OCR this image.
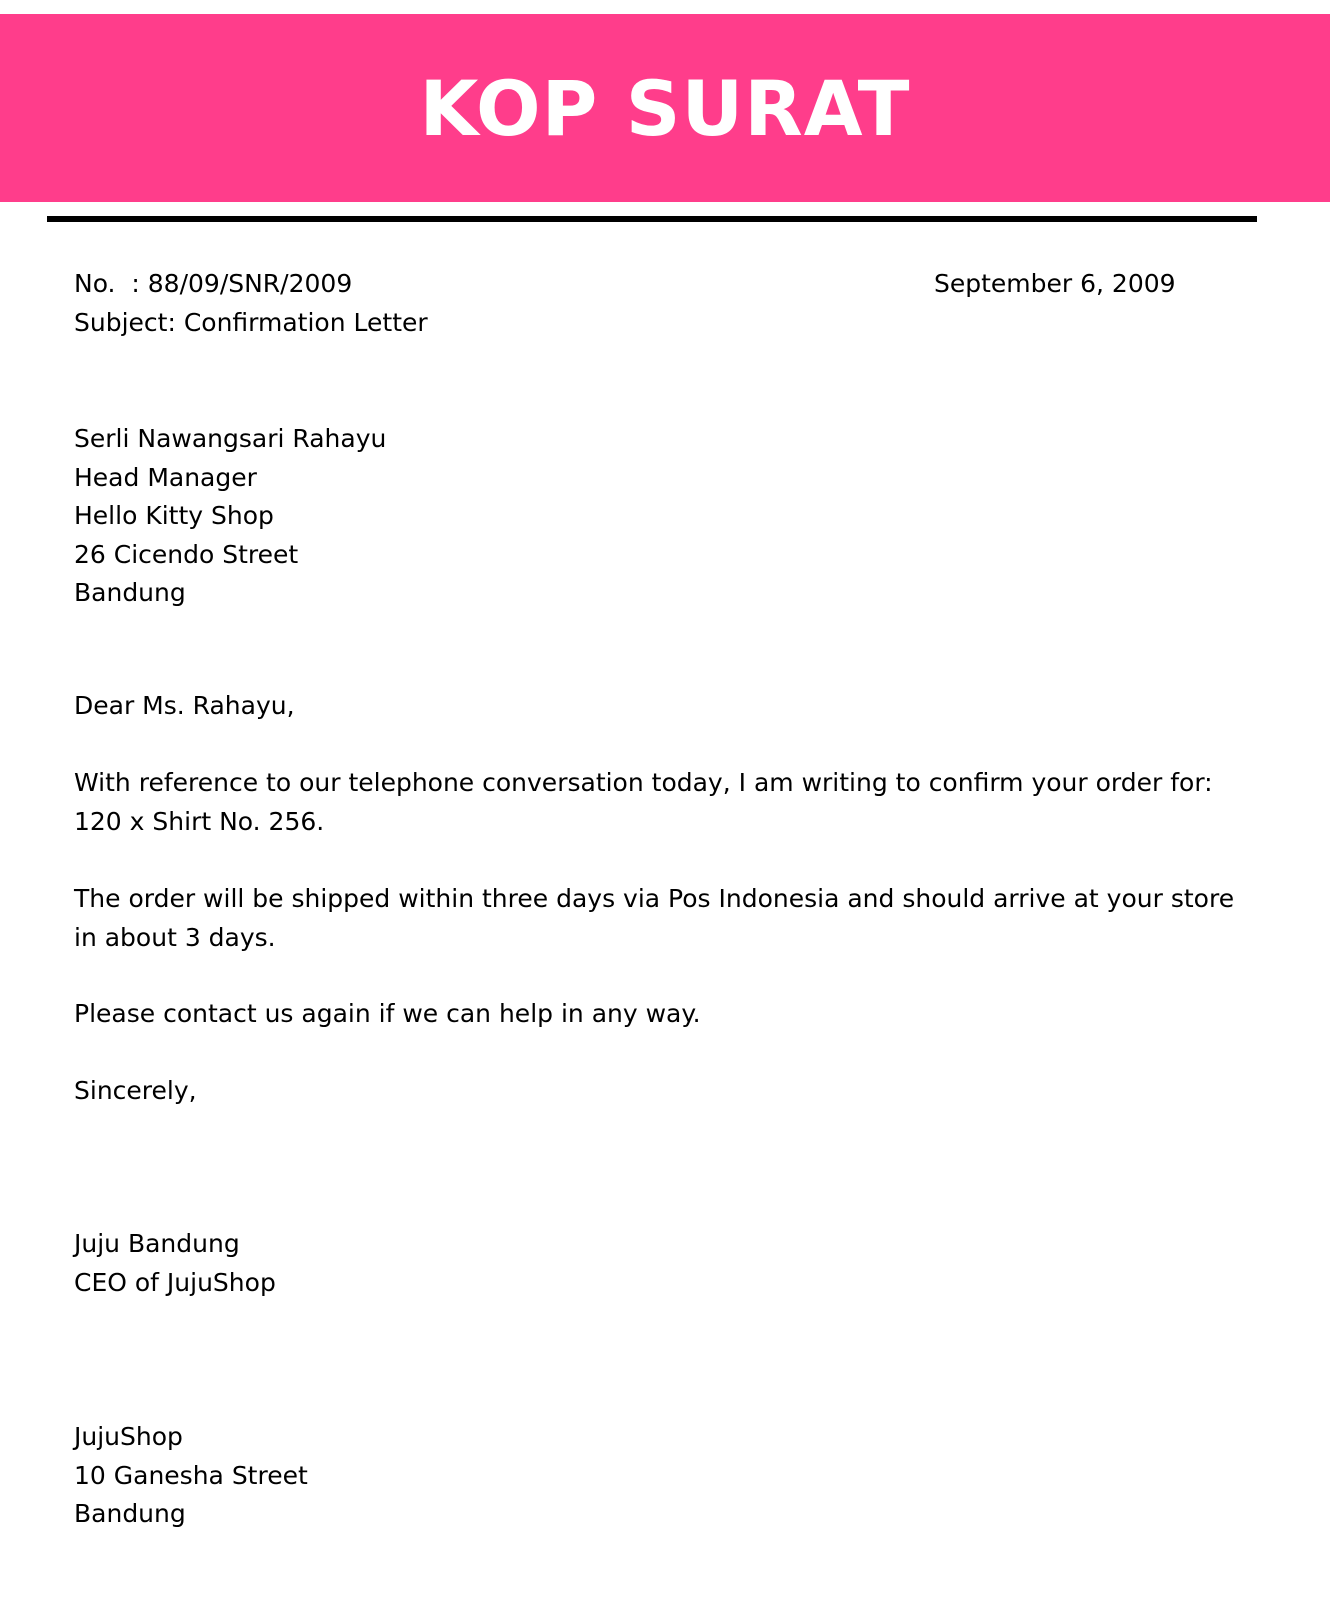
KOP SURAT
No.  : 88/09/SNR/2009
Subject: Confirmation Letter
September 6, 2009
Serli Nawangsari Rahayu
Head Manager
Hello Kitty Shop
26 Cicendo Street
Bandung
Dear Ms. Rahayu,
With reference to our telephone conversation today, I am writing to confirm your order for:
120 x Shirt No. 256.
The order will be shipped within three days via Pos Indonesia and should arrive at your store
in about 3 days.
Please contact us again if we can help in any way.
Sincerely,
Juju Bandung
CEO of JujuShop
JujuShop
10 Ganesha Street
Bandung
